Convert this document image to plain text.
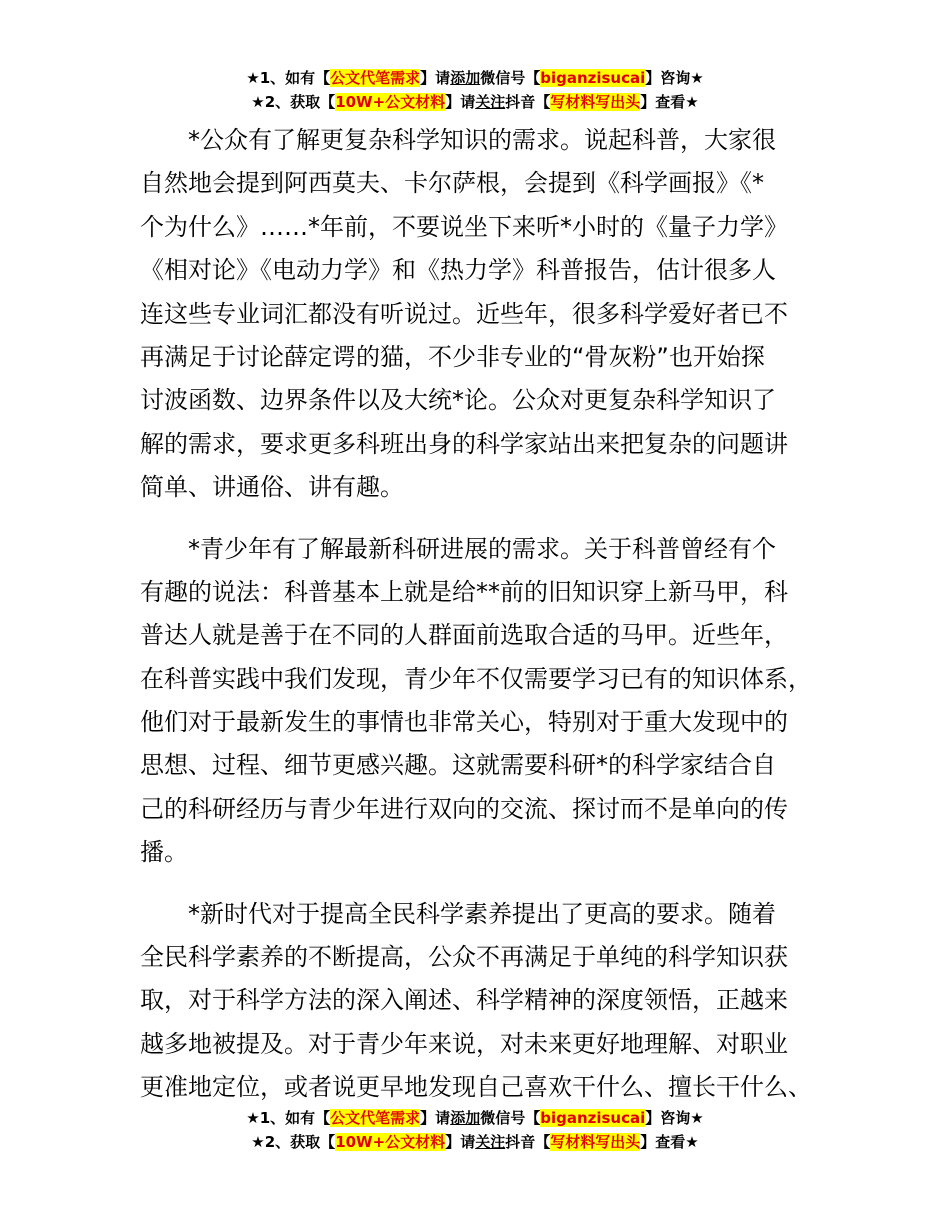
★1、如有【公文代笔需求】请添加微信号【biganzisucai】咨询★
★2、获取【10W+公文材料】请关注抖音【写材料写出头】查看★
*公众有了解更复杂科学知识的需求。说起科普，大家很
自然地会提到阿西莫夫、卡尔萨根，会提到《科学画报》《*
个为什么》……*年前，不要说坐下来听*小时的《量子力学》
《相对论》《电动力学》和《热力学》科普报告，估计很多人
连这些专业词汇都没有听说过。近些年，很多科学爱好者已不
再满足于讨论薛定谔的猫，不少非专业的“骨灰粉”也开始探
讨波函数、边界条件以及大统*论。公众对更复杂科学知识了
解的需求，要求更多科班出身的科学家站出来把复杂的问题讲
简单、讲通俗、讲有趣。
*青少年有了解最新科研进展的需求。关于科普曾经有个
有趣的说法：科普基本上就是给**前的旧知识穿上新马甲，科
普达人就是善于在不同的人群面前选取合适的马甲。近些年，
在科普实践中我们发现，青少年不仅需要学习已有的知识体系，
他们对于最新发生的事情也非常关心，特别对于重大发现中的
思想、过程、细节更感兴趣。这就需要科研*的科学家结合自
己的科研经历与青少年进行双向的交流、探讨而不是单向的传
播。
*新时代对于提高全民科学素养提出了更高的要求。随着
全民科学素养的不断提高，公众不再满足于单纯的科学知识获
取，对于科学方法的深入阐述、科学精神的深度领悟，正越来
越多地被提及。对于青少年来说，对未来更好地理解、对职业
更准地定位，或者说更早地发现自己喜欢干什么、擅长干什么、
★1、如有【公文代笔需求】请添加微信号【biganzisucai】咨询★
★2、获取【10W+公文材料】请关注抖音【写材料写出头】查看★
